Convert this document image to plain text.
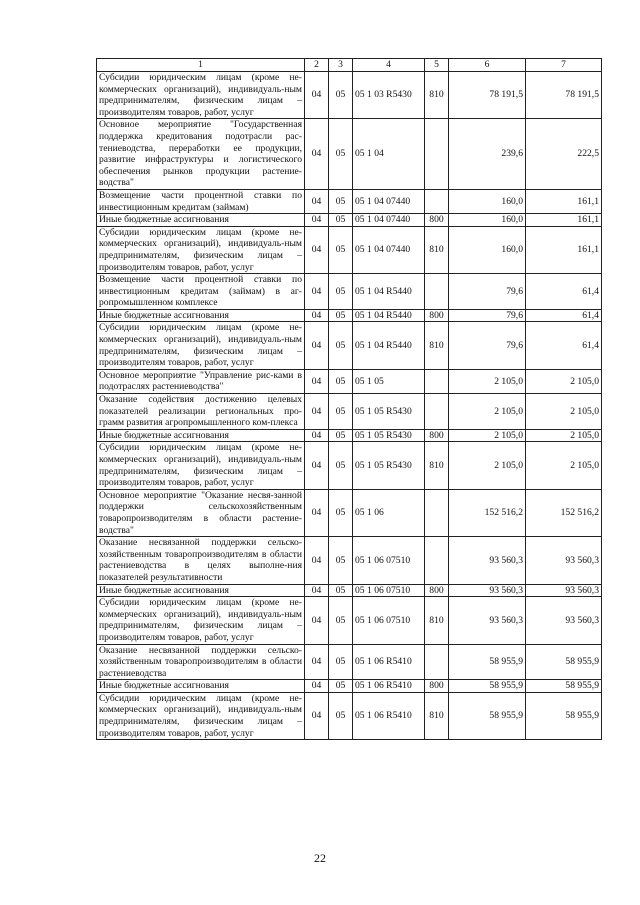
1	2	3	4	5	6	7
Субсидии юридическим лицам (кроме не-коммерческих организаций), индивидуаль-ным предпринимателям, физическим лицам – производителям товаров, работ, услуг	04	05	05 1 03 R5430	810	78 191,5	78 191,5
Основное мероприятие "Государственная поддержка кредитования подотрасли рас-тениеводства, переработки ее продукции, развитие инфраструктуры и логистического обеспечения рынков продукции растение-водства"	04	05	05 1 04		239,6	222,5
Возмещение части процентной ставки по инвестиционным кредитам (займам)	04	05	05 1 04 07440		160,0	161,1
Иные бюджетные ассигнования	04	05	05 1 04 07440	800	160,0	161,1
Субсидии юридическим лицам (кроме не-коммерческих организаций), индивидуаль-ным предпринимателям, физическим лицам – производителям товаров, работ, услуг	04	05	05 1 04 07440	810	160,0	161,1
Возмещение части процентной ставки по инвестиционным кредитам (займам) в аг-ропромышленном комплексе	04	05	05 1 04 R5440		79,6	61,4
Иные бюджетные ассигнования	04	05	05 1 04 R5440	800	79,6	61,4
Субсидии юридическим лицам (кроме не-коммерческих организаций), индивидуаль-ным предпринимателям, физическим лицам – производителям товаров, работ, услуг	04	05	05 1 04 R5440	810	79,6	61,4
Основное мероприятие "Управление рис-ками в подотраслях растениеводства"	04	05	05 1 05		2 105,0	2 105,0
Оказание содействия достижению целевых показателей реализации региональных про-грамм развития агропромышленного ком-плекса	04	05	05 1 05 R5430		2 105,0	2 105,0
Иные бюджетные ассигнования	04	05	05 1 05 R5430	800	2 105,0	2 105,0
Субсидии юридическим лицам (кроме не-коммерческих организаций), индивидуаль-ным предпринимателям, физическим лицам – производителям товаров, работ, услуг	04	05	05 1 05 R5430	810	2 105,0	2 105,0
Основное мероприятие "Оказание несвя-занной поддержки сельскохозяйственным товаропроизводителям в области растение-водства"	04	05	05 1 06		152 516,2	152 516,2
Оказание несвязанной поддержки сельско-хозяйственным товаропроизводителям в области растениеводства в целях выполне-ния показателей результативности	04	05	05 1 06 07510		93 560,3	93 560,3
Иные бюджетные ассигнования	04	05	05 1 06 07510	800	93 560,3	93 560,3
Субсидии юридическим лицам (кроме не-коммерческих организаций), индивидуаль-ным предпринимателям, физическим лицам – производителям товаров, работ, услуг	04	05	05 1 06 07510	810	93 560,3	93 560,3
Оказание несвязанной поддержки сельско-хозяйственным товаропроизводителям в области растениеводства	04	05	05 1 06 R5410		58 955,9	58 955,9
Иные бюджетные ассигнования	04	05	05 1 06 R5410	800	58 955,9	58 955,9
Субсидии юридическим лицам (кроме не-коммерческих организаций), индивидуаль-ным предпринимателям, физическим лицам – производителям товаров, работ, услуг	04	05	05 1 06 R5410	810	58 955,9	58 955,9
22
